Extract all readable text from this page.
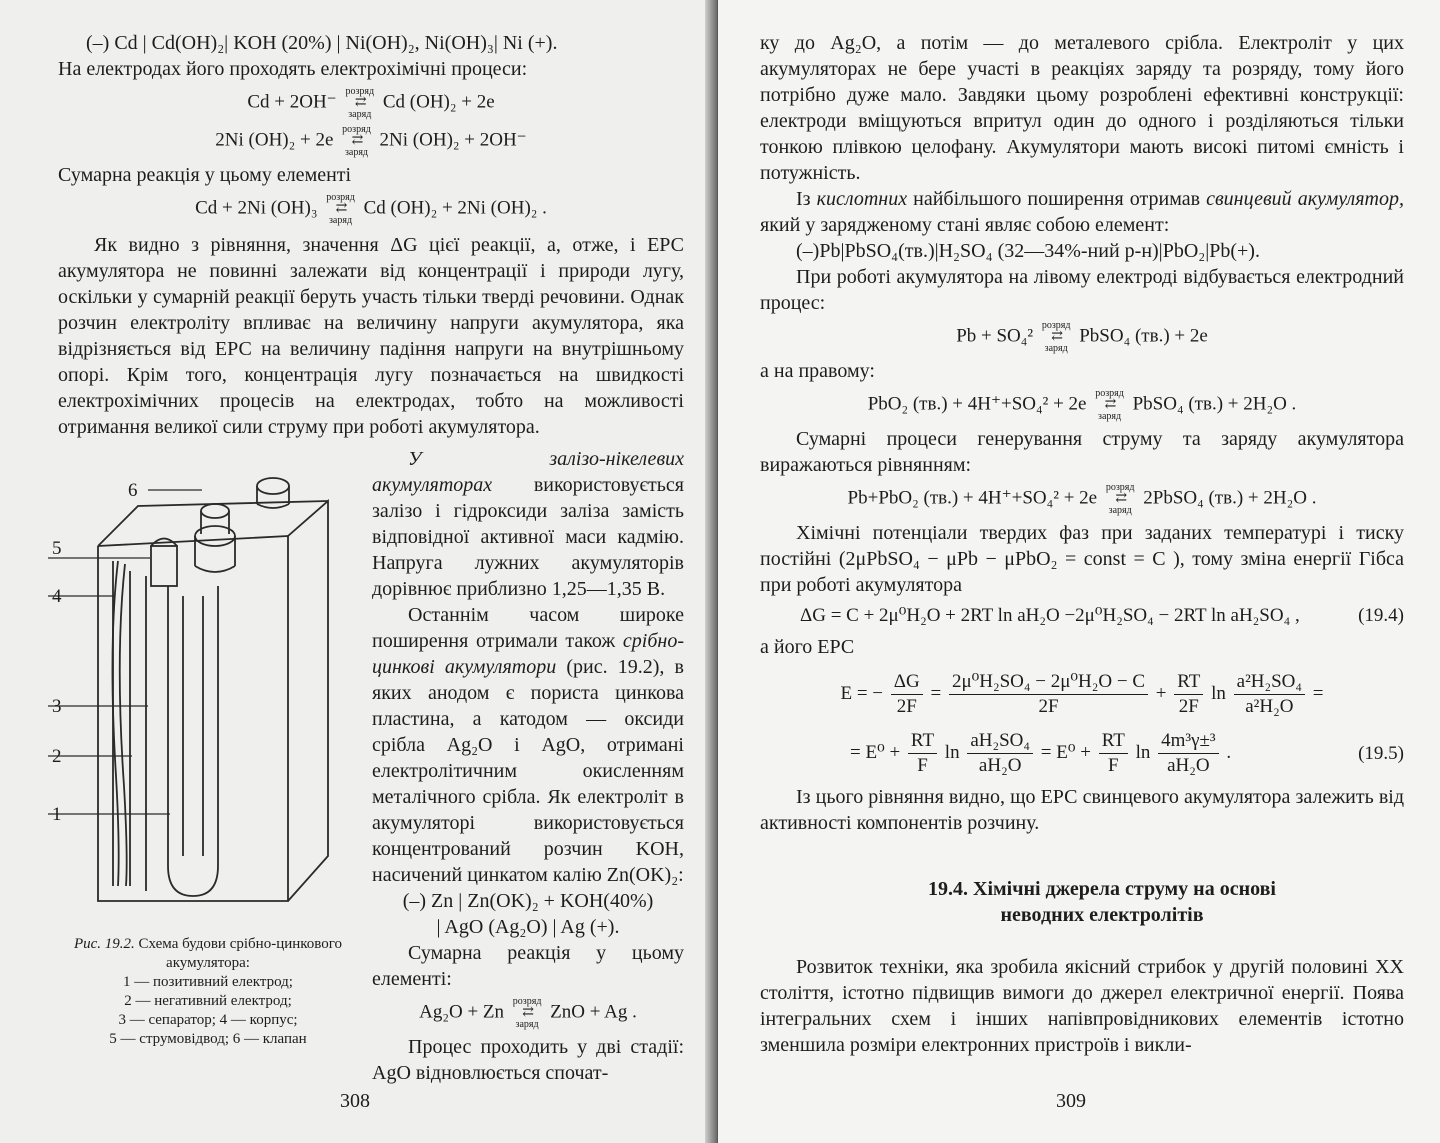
(–) Cd | Cd(OH)₂| KOH (20%) | Ni(OH)₂, Ni(OH)₃| Ni (+).

На електродах його проходять електрохімічні процеси:

Cd + 2OH⁻ розряд
⇄
заряд Cd (OH)₂ + 2e
2Ni (OH)₂ + 2e розряд
⇄
заряд 2Ni (OH)₂ + 2OH⁻

Сумарна реакція у цьому елементі

Cd + 2Ni (OH)₃ розряд
⇄
заряд Cd (OH)₂ + 2Ni (OH)₂ .

Як видно з рівняння, значення ΔG цієї реакції, а, отже, і ЕРС акумулятора не повинні залежати від концентрації і природи лугу, оскільки у сумарній реакції беруть участь тільки тверді речовини. Однак розчин електроліту впливає на величину напруги акумулятора, яка відрізняється від ЕРС на величину падіння напруги на внутрішньому опорі. Крім того, концентрація лугу позначається на швидкості електрохімічних процесів на електродах, тобто на можливості отримання великої сили струму при роботі акумулятора.

6
5
4
3
2
1
Рис. 19.2. Схема будови срібно-цинкового акумулятора:
1 — позитивний електрод;
2 — негативний електрод;
3 — сепаратор; 4 — корпус;
5 — струмовідвод; 6 — клапан

У залізо-нікелевих акумуляторах використовується залізо і гідроксиди заліза замість відповідної активної маси кадмію. Напруга лужних акумуляторів дорівнює приблизно 1,25—1,35 В.

Останнім часом широке поширення отримали також срібно-цинкові акумулятори (рис. 19.2), в яких анодом є пориста цинкова пластина, а катодом — оксиди срібла Ag₂O і AgO, отримані електролітичним окисленням металічного срібла. Як електроліт в акумуляторі використовується концентрований розчин KOH, насичений цинкатом калію Zn(OK)₂:

(–) Zn | Zn(OK)₂ + KOH(40%)

| AgO (Ag₂O) | Ag (+).

Сумарна реакція у цьому елементі:

Ag₂O + Zn розряд
⇄
заряд ZnO + Ag .

Процес проходить у дві стадії: AgO відновлюється спочат-

308

ку до Ag₂O, а потім — до металевого срібла. Електроліт у цих акумуляторах не бере участі в реакціях заряду та розряду, тому його потрібно дуже мало. Завдяки цьому розроблені ефективні конструкції: електроди вміщуються впритул один до одного і розділяються тільки тонкою плівкою целофану. Акумулятори мають високі питомі ємність і потужність.

Із кислотних найбільшого поширення отримав свинцевий акумулятор, який у зарядженому стані являє собою елемент:

(–)Pb|PbSO₄(тв.)|H₂SO₄ (32—34%-ний р-н)|PbO₂|Pb(+).

При роботі акумулятора на лівому електроді відбувається електродний процес:

Pb + SO₄² розряд
⇄
заряд PbSO₄ (тв.) + 2e

а на правому:

PbO₂ (тв.) + 4H⁺+SO₄² + 2e розряд
⇄
заряд PbSO₄ (тв.) + 2H₂O .

Сумарні процеси генерування струму та заряду акумулятора виражаються рівнянням:

Pb+PbO₂ (тв.) + 4H⁺+SO₄² + 2e розряд
⇄
заряд 2PbSO₄ (тв.) + 2H₂O .

Хімічні потенціали твердих фаз при заданих температурі і тиску постійні (2μPbSO₄ − μPb − μPbO₂ = const = C ), тому зміна енергії Гібса при роботі акумулятора

ΔG = C + 2μ⁰H₂O + 2RT ln aH₂O −2μ⁰H₂SO₄ − 2RT ln aH₂SO₄ ,	(19.4)

а його ЕРС

E = − $\frac{\Delta G}{2F} = \frac{\text{2μ⁰H₂SO₄ − 2μ⁰H₂O − C}}{2F} + \frac{RT}{2F}$ $\ln \frac{\text{a²H₂SO₄}}{\text{a²H₂O}}$ =
= $E^0 + \frac{RT}{F}$ $\ln \frac{\text{aH₂SO₄}}{\text{aH₂O}} = E^0 + \frac{RT}{F}$ $\ln \frac{\text{4m³γ±³}}{\text{aH₂O}}$ .	(19.5)

Із цього рівняння видно, що ЕРС свинцевого акумулятора залежить від активності компонентів розчину.

19.4. Хімічні джерела струму на основі
неводних електролітів

Розвиток техніки, яка зробила якісний стрибок у другій половині XX століття, істотно підвищив вимоги до джерел електричної енергії. Поява інтегральних схем і інших напівпровідникових елементів істотно зменшила розміри електронних пристроїв і викли-

309
